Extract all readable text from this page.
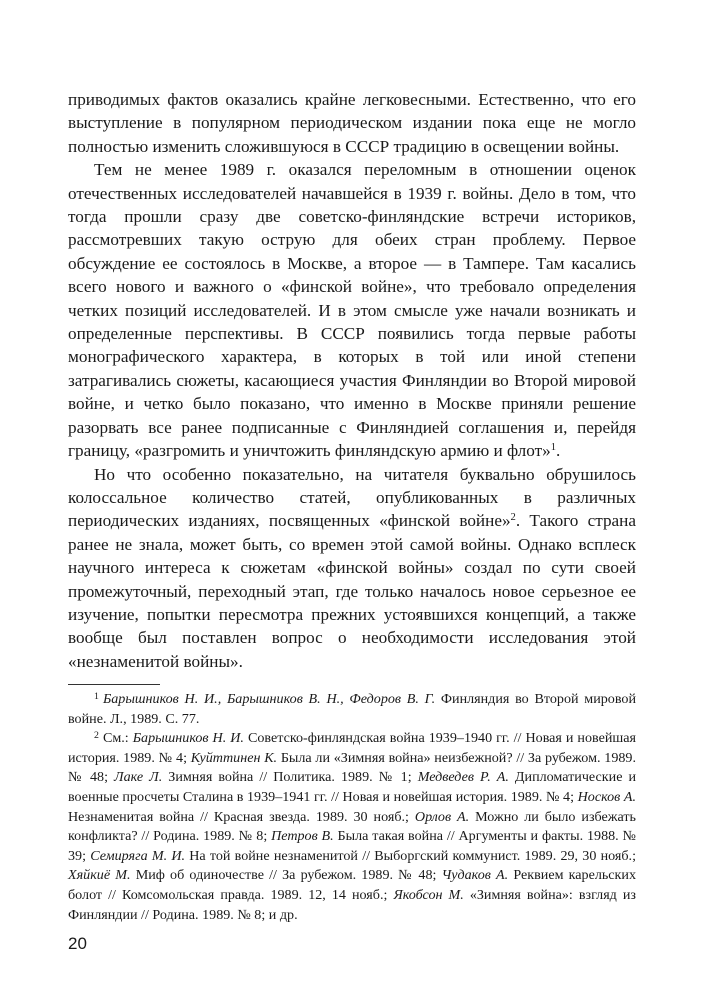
приводимых фактов оказались крайне легковесными. Естественно, что его выступление в популярном периодическом издании пока еще не могло полностью изменить сложившуюся в СССР традицию в освещении войны.

Тем не менее 1989 г. оказался переломным в отношении оценок отечественных исследователей начавшейся в 1939 г. войны. Дело в том, что тогда прошли сразу две советско-финляндские встречи историков, рассмотревших такую острую для обеих стран проблему. Первое обсуждение ее состоялось в Москве, а второе — в Тампере. Там касались всего нового и важного о «финской войне», что требовало определения четких позиций исследователей. И в этом смысле уже начали возникать и определенные перспективы. В СССР появились тогда первые работы монографического характера, в которых в той или иной степени затрагивались сюжеты, касающиеся участия Финляндии во Второй мировой войне, и четко было показано, что именно в Москве приняли решение разорвать все ранее подписанные с Финляндией соглашения и, перейдя границу, «разгромить и уничтожить финляндскую армию и флот»$^1$.

Но что особенно показательно, на читателя буквально обрушилось колоссальное количество статей, опубликованных в различных периодических изданиях, посвященных «финской войне»$^2$. Такого страна ранее не знала, может быть, со времен этой самой войны. Однако всплеск научного интереса к сюжетам «финской войны» создал по сути своей промежуточный, переходный этап, где только началось новое серьезное ее изучение, попытки пересмотра прежних устоявшихся концепций, а также вообще был поставлен вопрос о необходимости исследования этой «незнаменитой войны».

$^1$ Барышников Н. И., Барышников В. Н., Федоров В. Г. Финляндия во Второй мировой войне. Л., 1989. С. 77.

$^2$ См.: Барышников Н. И. Советско-финляндская война 1939–1940 гг. // Новая и новейшая история. 1989. № 4; Куйттинен К. Была ли «Зимняя война» неизбежной? // За рубежом. 1989. № 48; Лаке Л. Зимняя война // Политика. 1989. № 1; Медведев Р. А. Дипломатические и военные просчеты Сталина в 1939–1941 гг. // Новая и новейшая история. 1989. № 4; Носков А. Незнаменитая война // Красная звезда. 1989. 30 нояб.; Орлов А. Можно ли было избежать конфликта? // Родина. 1989. № 8; Петров В. Была такая война // Аргументы и факты. 1988. № 39; Семиряга М. И. На той войне незнаменитой // Выборгский коммунист. 1989. 29, 30 нояб.; Хяйкиё М. Миф об одиночестве // За рубежом. 1989. № 48; Чудаков А. Реквием карельских болот // Комсомольская правда. 1989. 12, 14 нояб.; Якобсон М. «Зимняя война»: взгляд из Финляндии // Родина. 1989. № 8; и др.

20
